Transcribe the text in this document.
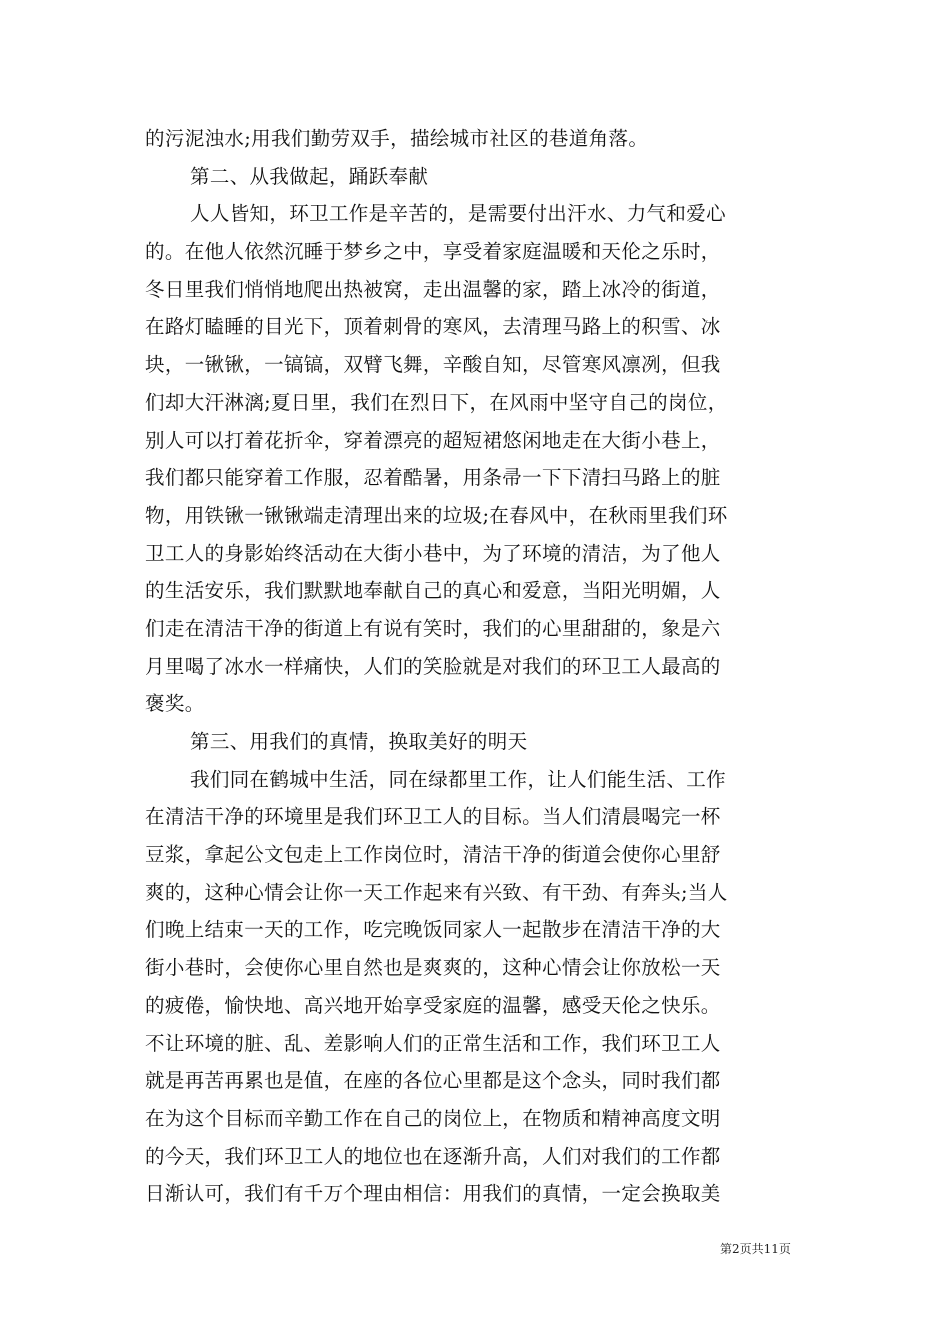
的污泥浊水;用我们勤劳双手，描绘城市社区的巷道角落。
第二、从我做起，踊跃奉献
人人皆知，环卫工作是辛苦的，是需要付出汗水、力气和爱心
的。在他人依然沉睡于梦乡之中，享受着家庭温暖和天伦之乐时，
冬日里我们悄悄地爬出热被窝，走出温馨的家，踏上冰冷的街道，
在路灯瞌睡的目光下，顶着刺骨的寒风，去清理马路上的积雪、冰
块，一锹锹，一镐镐，双臂飞舞，辛酸自知，尽管寒风凛冽，但我
们却大汗淋漓;夏日里，我们在烈日下，在风雨中坚守自己的岗位，
别人可以打着花折伞，穿着漂亮的超短裙悠闲地走在大街小巷上，
我们都只能穿着工作服，忍着酷暑，用条帚一下下清扫马路上的脏
物，用铁锹一锹锹端走清理出来的垃圾;在春风中，在秋雨里我们环
卫工人的身影始终活动在大街小巷中，为了环境的清洁，为了他人
的生活安乐，我们默默地奉献自己的真心和爱意，当阳光明媚，人
们走在清洁干净的街道上有说有笑时，我们的心里甜甜的，象是六
月里喝了冰水一样痛快，人们的笑脸就是对我们的环卫工人最高的
褒奖。
第三、用我们的真情，换取美好的明天
我们同在鹤城中生活，同在绿都里工作，让人们能生活、工作
在清洁干净的环境里是我们环卫工人的目标。当人们清晨喝完一杯
豆浆，拿起公文包走上工作岗位时，清洁干净的街道会使你心里舒
爽的，这种心情会让你一天工作起来有兴致、有干劲、有奔头;当人
们晚上结束一天的工作，吃完晚饭同家人一起散步在清洁干净的大
街小巷时，会使你心里自然也是爽爽的，这种心情会让你放松一天
的疲倦，愉快地、高兴地开始享受家庭的温馨，感受天伦之快乐。
不让环境的脏、乱、差影响人们的正常生活和工作，我们环卫工人
就是再苦再累也是值，在座的各位心里都是这个念头，同时我们都
在为这个目标而辛勤工作在自己的岗位上，在物质和精神高度文明
的今天，我们环卫工人的地位也在逐渐升高，人们对我们的工作都
日渐认可，我们有千万个理由相信：用我们的真情，一定会换取美
第2页共11页
